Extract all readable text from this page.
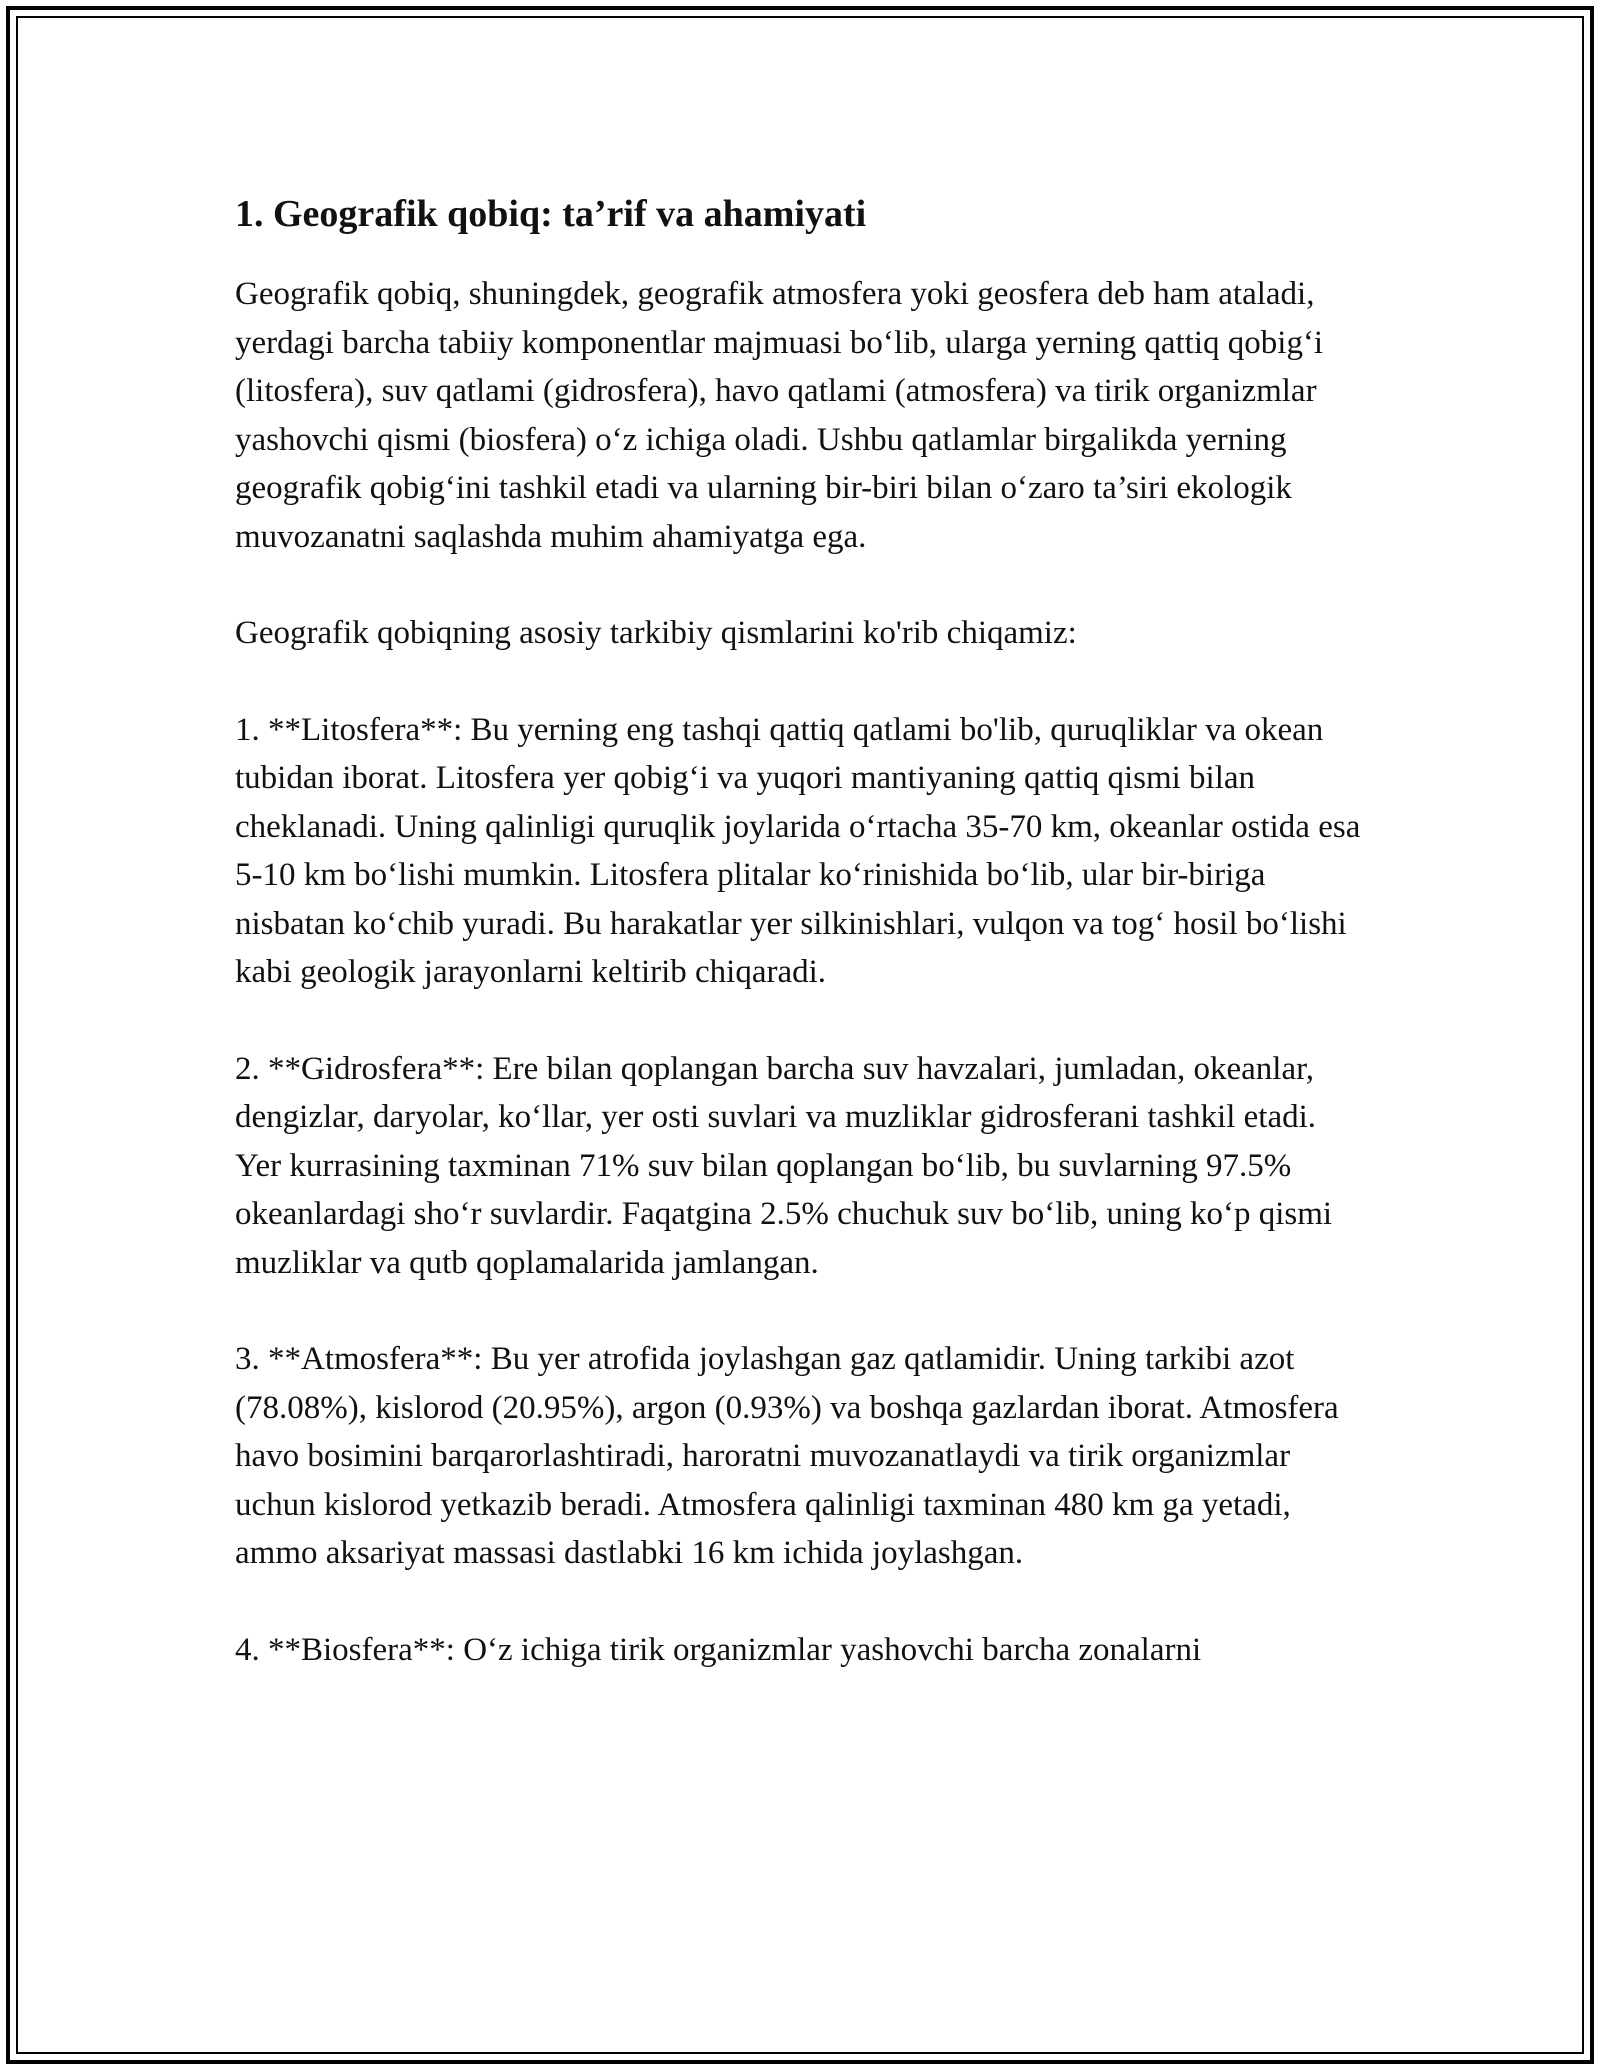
1. Geografik qobiq: ta’rif va ahamiyati

Geografik qobiq, shuningdek, geografik atmosfera yoki geosfera deb ham ataladi, yerdagi barcha tabiiy komponentlar majmuasi bo‘lib, ularga yerning qattiq qobig‘i (litosfera), suv qatlami (gidrosfera), havo qatlami (atmosfera) va tirik organizmlar yashovchi qismi (biosfera) o‘z ichiga oladi. Ushbu qatlamlar birgalikda yerning geografik qobig‘ini tashkil etadi va ularning bir-biri bilan o‘zaro ta’siri ekologik muvozanatni saqlashda muhim ahamiyatga ega.

Geografik qobiqning asosiy tarkibiy qismlarini ko'rib chiqamiz:

1. **Litosfera**: Bu yerning eng tashqi qattiq qatlami bo'lib, quruqliklar va okean tubidan iborat. Litosfera yer qobig‘i va yuqori mantiyaning qattiq qismi bilan cheklanadi. Uning qalinligi quruqlik joylarida o‘rtacha 35-70 km, okeanlar ostida esa 5-10 km bo‘lishi mumkin. Litosfera plitalar ko‘rinishida bo‘lib, ular bir-biriga nisbatan ko‘chib yuradi. Bu harakatlar yer silkinishlari, vulqon va tog‘ hosil bo‘lishi kabi geologik jarayonlarni keltirib chiqaradi.

2. **Gidrosfera**: Ere bilan qoplangan barcha suv havzalari, jumladan, okeanlar, dengizlar, daryolar, ko‘llar, yer osti suvlari va muzliklar gidrosferani tashkil etadi. Yer kurrasining taxminan 71% suv bilan qoplangan bo‘lib, bu suvlarning 97.5% okeanlardagi sho‘r suvlardir. Faqatgina 2.5% chuchuk suv bo‘lib, uning ko‘p qismi muzliklar va qutb qoplamalarida jamlangan.

3. **Atmosfera**: Bu yer atrofida joylashgan gaz qatlamidir. Uning tarkibi azot (78.08%), kislorod (20.95%), argon (0.93%) va boshqa gazlardan iborat. Atmosfera havo bosimini barqarorlashtiradi, haroratni muvozanatlaydi va tirik organizmlar uchun kislorod yetkazib beradi. Atmosfera qalinligi taxminan 480 km ga yetadi, ammo aksariyat massasi dastlabki 16 km ichida joylashgan.

4. **Biosfera**: O‘z ichiga tirik organizmlar yashovchi barcha zonalarni
